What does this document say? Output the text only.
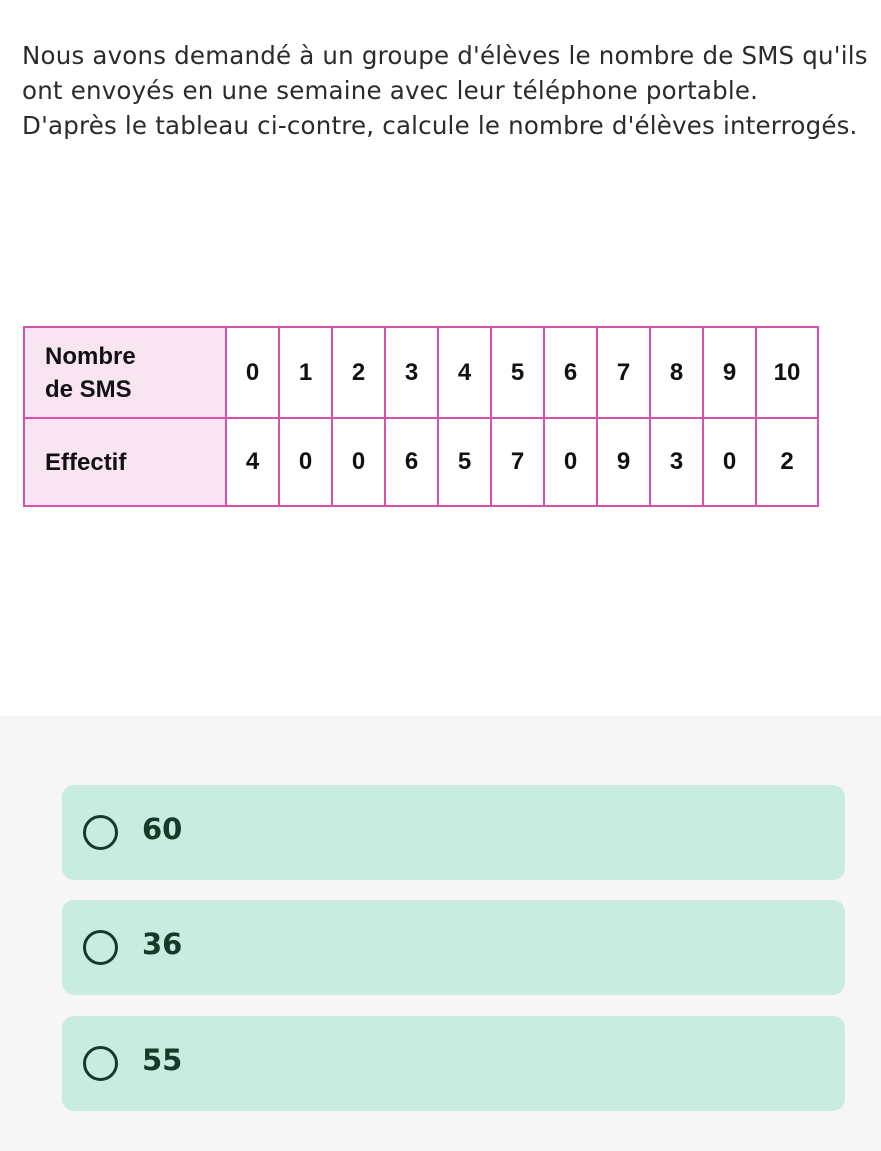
Nous avons demandé à un groupe d'élèves le nombre de SMS qu'ils ont envoyés en une semaine avec leur téléphone portable.

D'après le tableau ci-contre, calcule le nombre d'élèves interrogés.

Nombre
de SMS	0	1	2	3	4	5	6	7	8	9	10
Effectif	4	0	0	6	5	7	0	9	3	0	2
60
36
55
